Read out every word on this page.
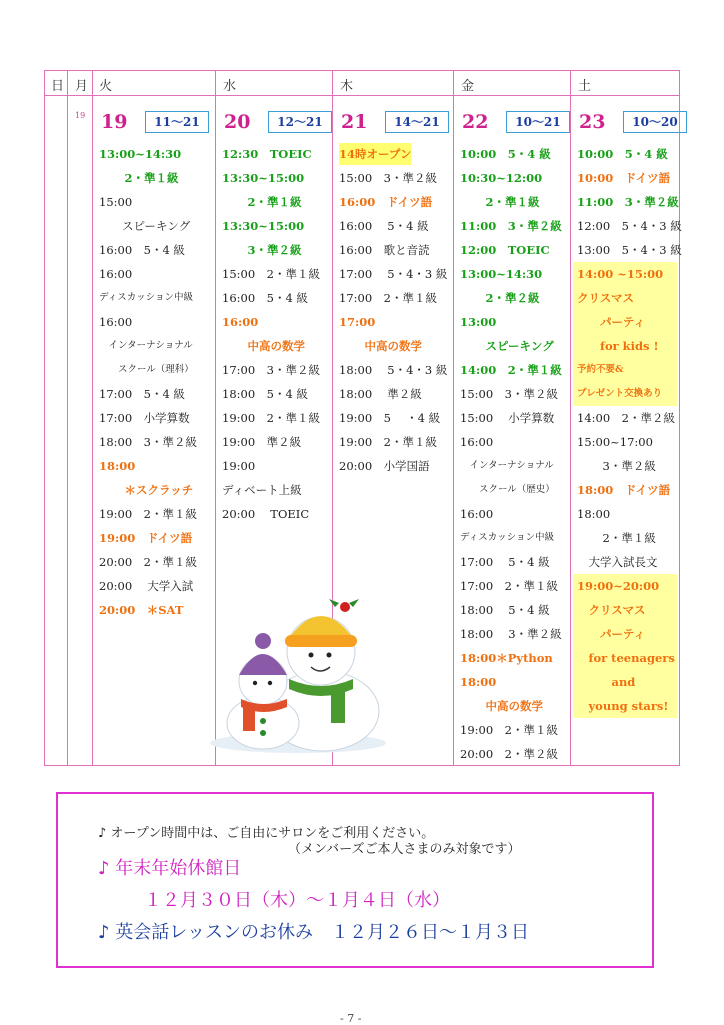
日 月 火	水	木	金	土
19 19	11～21
13:00~14:30
　2・準１級
15:00
　　スピーキング
16:00　5・4 級
16:00
ディスカッション中級
16:00
　インターナショナル
　　スクール（理科）
17:00　5・4 級
17:00　小学算数
18:00　3・準２級
18:00
　＊スクラッチ
19:00　2・準１級
19:00　ドイツ語
20:00　2・準１級
20:00　 大学入試
20:00　＊SAT
20	12～21
12:30　TOEIC
13:30~15:00
　2・準１級
13:30~15:00
　3・準２級
15:00　2・準１級
16:00　5・4 級
16:00
　中高の数学
17:00　3・準２級
18:00　5・4 級
19:00　2・準１級
19:00　準２級
19:00
ディベート上級
20:00　 TOEIC
21	14～21
14時オープン
15:00　3・準２級
16:00　ドイツ語
16:00　 5・4 級
16:00　歌と音読
17:00　 5・4・3 級
17:00　2・準１級
17:00
　中高の数学
18:00　 5・4・3 級
18:00　 準２級
19:00　5 　・4 級
19:00　2・準１級
20:00　小学国語
22	10～21
10:00　5・4 級
10:30~12:00
　2・準１級
11:00　3・準２級
12:00　TOEIC
13:00~14:30
　2・準２級
13:00
　スピーキング
14:00　2・準１級
15:00　3・準２級
15:00　 小学算数
16:00
　インターナショナル
　　スクール（歴史）
16:00
ディスカッション中級
17:00　 5・4 級
17:00　2・準１級
18:00　 5・4 級
18:00　 3・準２級
18:00＊Python
18:00
　中高の数学
19:00　2・準１級
20:00　2・準２級
23	10～20
10:00　5・4 級
10:00　ドイツ語
11:00　3・準２級
12:00　5・4・3 級
13:00　5・4・3 級
14:00 ~15:00
クリスマス
　　パーティ
　　for kids !
予約不要&
プレゼント交換あり
14:00　2・準２級
15:00~17:00
　3・準２級
18:00　ドイツ語
18:00
　2・準１級
　大学入試長文
19:00~20:00
　クリスマス
　　パーティ
　for teenagers
　　　and
　young stars!
♪ オープン時間中は、ご自由にサロンをご利用ください。
（メンバーズご本人さまのみ対象です）
♪ 年末年始休館日
１２月３０日（木）～１月４日（水）
♪ 英会話レッスンのお休み　１２月２６日～１月３日
- 7 -
